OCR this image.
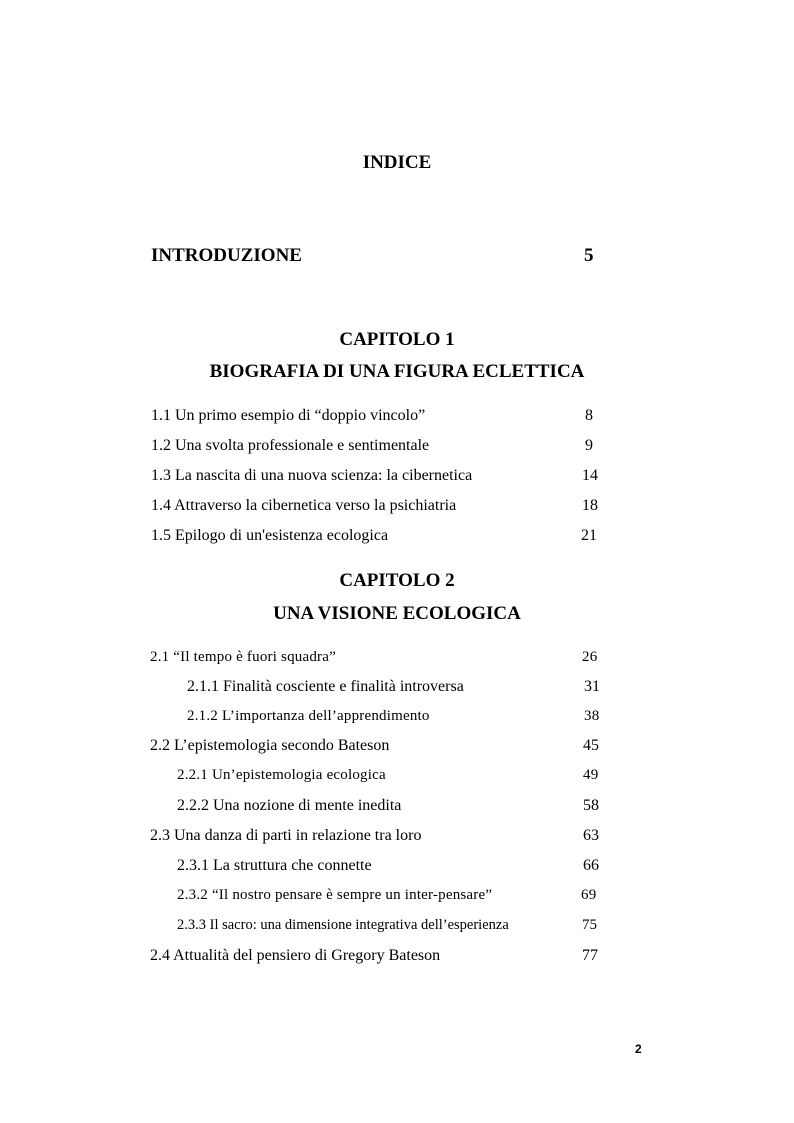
INDICE
INTRODUZIONE	5
CAPITOLO 1
BIOGRAFIA DI UNA FIGURA ECLETTICA
1.1 Un primo esempio di “doppio vincolo”	8
1.2 Una svolta professionale e sentimentale	9
1.3 La nascita di una nuova scienza: la cibernetica	14
1.4 Attraverso la cibernetica verso la psichiatria	18
1.5 Epilogo di un'esistenza ecologica	21
CAPITOLO 2
UNA VISIONE ECOLOGICA
2.1 “Il tempo è fuori squadra”	26
2.1.1 Finalità cosciente e finalità introversa	31
2.1.2 L’importanza dell’apprendimento	38
2.2 L’epistemologia secondo Bateson	45
2.2.1 Un’epistemologia ecologica	49
2.2.2 Una nozione di mente inedita	58
2.3 Una danza di parti in relazione tra loro	63
2.3.1 La struttura che connette	66
2.3.2 “Il nostro pensare è sempre un inter-pensare”	69
2.3.3 Il sacro: una dimensione integrativa dell’esperienza	75
2.4 Attualità del pensiero di Gregory Bateson	77
2
